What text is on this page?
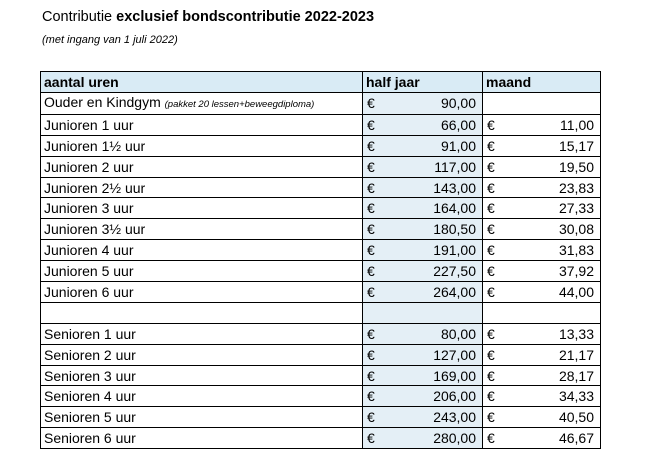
Contributie exclusief bondscontributie 2022-2023
(met ingang van 1 juli 2022)
aantal uren	half jaar		maand	
Ouder en Kindgym (pakket 20 lessen+beweegdiploma)	€	90,00		
Junioren 1 uur	€	66,00	€	11,00
Junioren 1½ uur	€	91,00	€	15,17
Junioren 2 uur	€	117,00	€	19,50
Junioren 2½ uur	€	143,00	€	23,83
Junioren 3 uur	€	164,00	€	27,33
Junioren 3½ uur	€	180,50	€	30,08
Junioren 4 uur	€	191,00	€	31,83
Junioren 5 uur	€	227,50	€	37,92
Junioren 6 uur	€	264,00	€	44,00

Senioren 1 uur	€	80,00	€	13,33
Senioren 2 uur	€	127,00	€	21,17
Senioren 3 uur	€	169,00	€	28,17
Senioren 4 uur	€	206,00	€	34,33
Senioren 5 uur	€	243,00	€	40,50
Senioren 6 uur	€	280,00	€	46,67
